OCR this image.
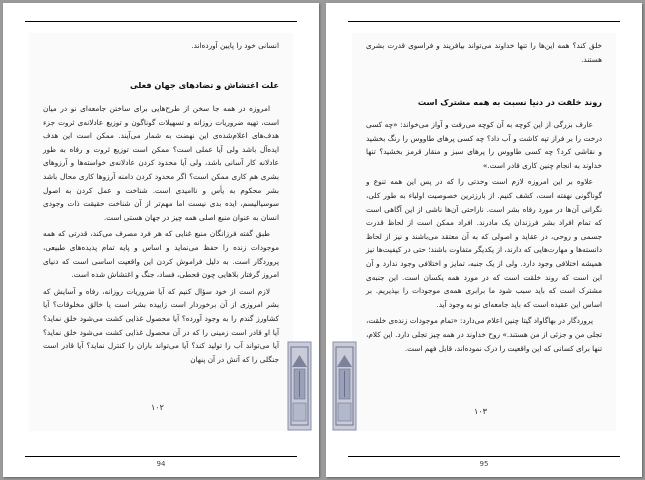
انسانی خود را پایین آورده‌اند.

علت اغتشاش و تضادهای جهان فعلی

امروزه در همه جا سخن از طرح‌هایی برای ساختن جامعه‌ای نو در میان است، تهیه ضروریات روزانه و تسهیلات گوناگون و توزیع عادلانه‌ی ثروت جزء هدف‌های اعلام‌شده‌ی این نهضت به شمار می‌آیند. ممکن است این هدف ایده‌آل باشد ولی آیا عملی است؟ ممکن است توزیع ثروت و رفاه به طور عادلانه کار آسانی باشد، ولی آیا محدود کردن عادلانه‌ی خواسته‌ها و آرزوهای بشری هم کاری ممکن است؟ اگر محدود کردن دامنه آرزوها کاری محال باشد بشر محکوم به یأس و ناامیدی است. شناخت و عمل کردن به اصول سوسیالیسم، ایده بدی نیست اما مهم‌تر از آن شناخت حقیقت ذات وجودی انسان به عنوان منبع اصلی همه چیز در جهان هستی است.

طبق گفته فرزانگان منبع غنایی که هر فرد مصرف می‌کند، قدرتی که همه موجودات زنده را حفظ می‌نماید و اساس و پایه تمام پدیده‌های طبیعی، پروردگار است. به دلیل فراموش کردن این واقعیت اساسی است که دنیای امروز گرفتار بلاهایی چون قحطی، فساد، جنگ و اغتشاش شده است.

لازم است از خود سؤال کنیم که آیا ضروریات روزانه، رفاه و آسایش که بشر امروزی از آن برخوردار است زاییده بشر است یا خالق مخلوقات؟ آیا کشاورز گندم را به وجود آورده؟ آیا محصول غذایی کشت می‌شود خلق نماید؟ آیا او قادر است زمینی را که در آن محصول غذایی کشت می‌شود خلق نماید؟ آیا می‌تواند آب را تولید کند؟ آیا می‌تواند باران را کنترل نماید؟ آیا قادر است جنگلی را که آتش در آن پنهان

١٠٢
94

خلق کند؟ همه این‌ها را تنها خداوند می‌تواند بیافریند و فراسوی قدرت بشری هستند.

روند خلقت در دنیا نسبت به همه مشترک است

عارف بزرگی از این کوچه به آن کوچه می‌رفت و آواز می‌خواند: «چه کسی درخت را بر فراز تپه کاشت و آب داد؟ چه کسی پرهای طاووس را رنگ بخشید و نقاشی کرد؟ چه کسی طاووس را پرهای سبز و منقار قرمز بخشید؟ تنها خداوند به انجام چنین کاری قادر است.»

علاوه بر این امروزه لازم است وحدتی را که در پس این همه تنوع و گوناگونی نهفته است، کشف کنیم. از بارزترین خصوصیت اولیاء به طور کلی، نگرانی آن‌ها در مورد رفاه بشر است. ناراحتی آن‌ها ناشی از این آگاهی است که تمام افراد بشر فرزندان یک مادرند. افراد ممکن است از لحاظ قدرت جسمی و روحی، در عقاید و اصولی که به آن معتقد می‌باشند و نیز از لحاظ دانسته‌ها و مهارت‌هایی که دارند، از یکدیگر متفاوت باشند؛ حتی در کیفیت‌ها نیز همیشه اختلافی وجود دارد. ولی از یک جنبه، تمایز و اختلافی وجود ندارد و آن این است که روند خلقت است که در مورد همه یکسان است. این جنبه‌ی مشترک است که باید سبب شود ما برابری همه‌ی موجودات را بپذیریم. بر اساس این عقیده است که باید جامعه‌ای نو به وجود آید.

پروردگار در بهاگاواد گیتا چنین اعلام می‌دارد: «تمام موجودات زنده‌ی خلقت، تجلی من و جزئی از من هستند.» روح خداوند در همه چیز تجلی دارد. این کلام، تنها برای کسانی که این واقعیت را درک نموده‌اند، قابل فهم است.

١٠٣
95
